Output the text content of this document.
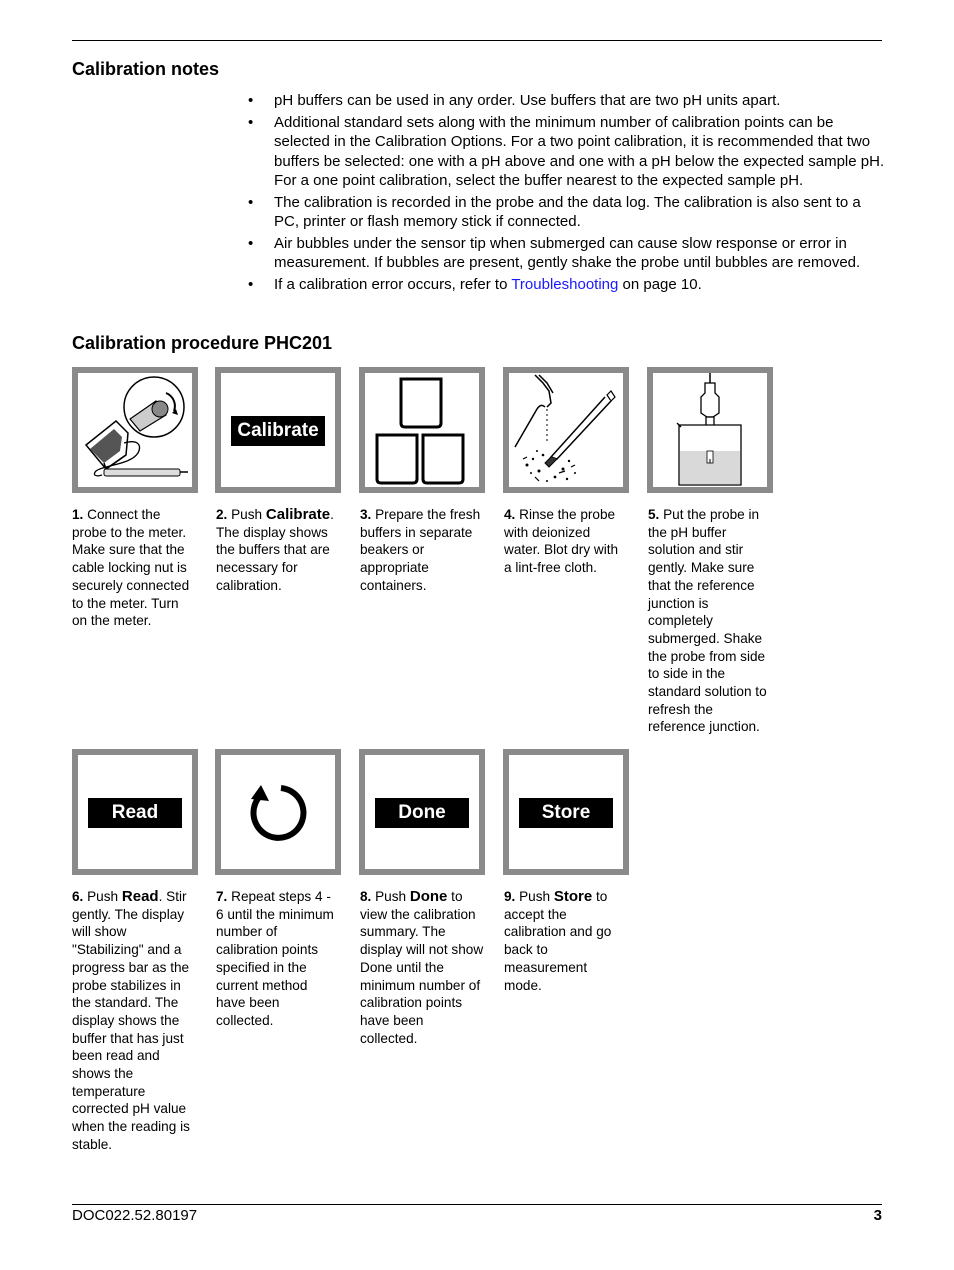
Calibration notes
• pH buffers can be used in any order. Use buffers that are two pH units apart.
• Additional standard sets along with the minimum number of calibration points can be selected in the Calibration Options. For a two point calibration, it is recommended that two buffers be selected: one with a pH above and one with a pH below the expected sample pH. For a one point calibration, select the buffer nearest to the expected sample pH.
• The calibration is recorded in the probe and the data log. The calibration is also sent to a PC, printer or flash memory stick if connected.
• Air bubbles under the sensor tip when submerged can cause slow response or error in measurement. If bubbles are present, gently shake the probe until bubbles are removed.
• If a calibration error occurs, refer to Troubleshooting on page 10.
Calibration procedure PHC201
Calibrate
1. Connect the probe to the meter. Make sure that the cable locking nut is securely connected to the meter. Turn on the meter.
2. Push Calibrate. The display shows the buffers that are necessary for calibration.
3. Prepare the fresh buffers in separate beakers or appropriate containers.
4. Rinse the probe with deionized water. Blot dry with a lint-free cloth.
5. Put the probe in the pH buffer solution and stir gently. Make sure that the reference junction is completely submerged. Shake the probe from side to side in the standard solution to refresh the reference junction.
Read	Done	Store
6. Push Read. Stir gently. The display will show "Stabilizing" and a progress bar as the probe stabilizes in the standard. The display shows the buffer that has just been read and shows the temperature corrected pH value when the reading is stable.
7. Repeat steps 4 - 6 until the minimum number of calibration points specified in the current method have been collected.
8. Push Done to view the calibration summary. The display will not show Done until the minimum number of calibration points have been collected.
9. Push Store to accept the calibration and go back to measurement mode.
DOC022.52.80197	3
